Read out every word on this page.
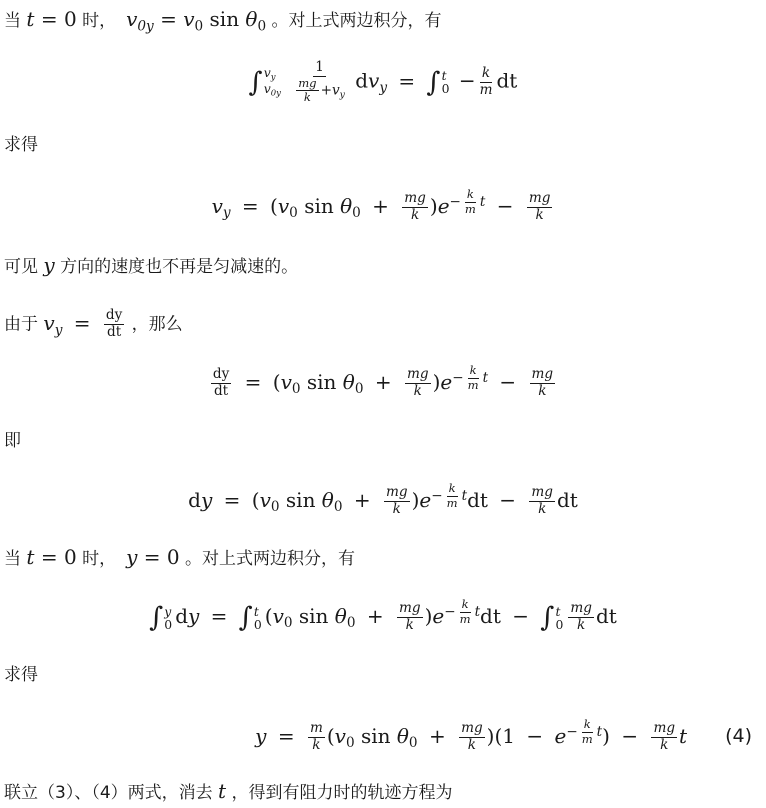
当 t = 0 时， $v_{0y} = v_0$ $\sin \theta_0$ 。对上式两边积分，有
∫ $v_y$
$v_{0y}$
$\frac{1}{\frac{mg}{k} +v_y} dv_y$ = ∫ t
$0 - \frac{k}{m}$ dt
求得
$v_y = (v_0$ $\sin \theta_0 + \frac{mg}{k} )e^{- \frac{k}{m} t} - \frac{mg}{k}$
可见 y 方向的速度也不再是匀减速的。
由于 $v_y = \frac{dy}{dt}$ ，那么
$\frac{dy}{dt} = (v_0$ $\sin \theta_0 + \frac{mg}{k} )e^{- \frac{k}{m} t} - \frac{mg}{k}$
即
dy = ($v_0$ $\sin \theta_0 + \frac{mg}{k} )e^{- \frac{k}{m} t}dt - \frac{mg}{k}$ dt
当 t = 0 时， y = 0 。对上式两边积分，有
∫ y
0 dy = ∫ t
0 ($v_0$ $\sin \theta_0 + \frac{mg}{k} )e^{- \frac{k}{m} t}dt$ − ∫ t
$0 \frac{mg}{k}$ dt
求得
$y = \frac{m}{k} (v_0$ $\sin \theta_0 + \frac{mg}{k} )(1 - e^{- \frac{k}{m} t}) - \frac{mg}{k}$ t (4)
联立（3）、（4）两式，消去 t ，得到有阻力时的轨迹方程为
